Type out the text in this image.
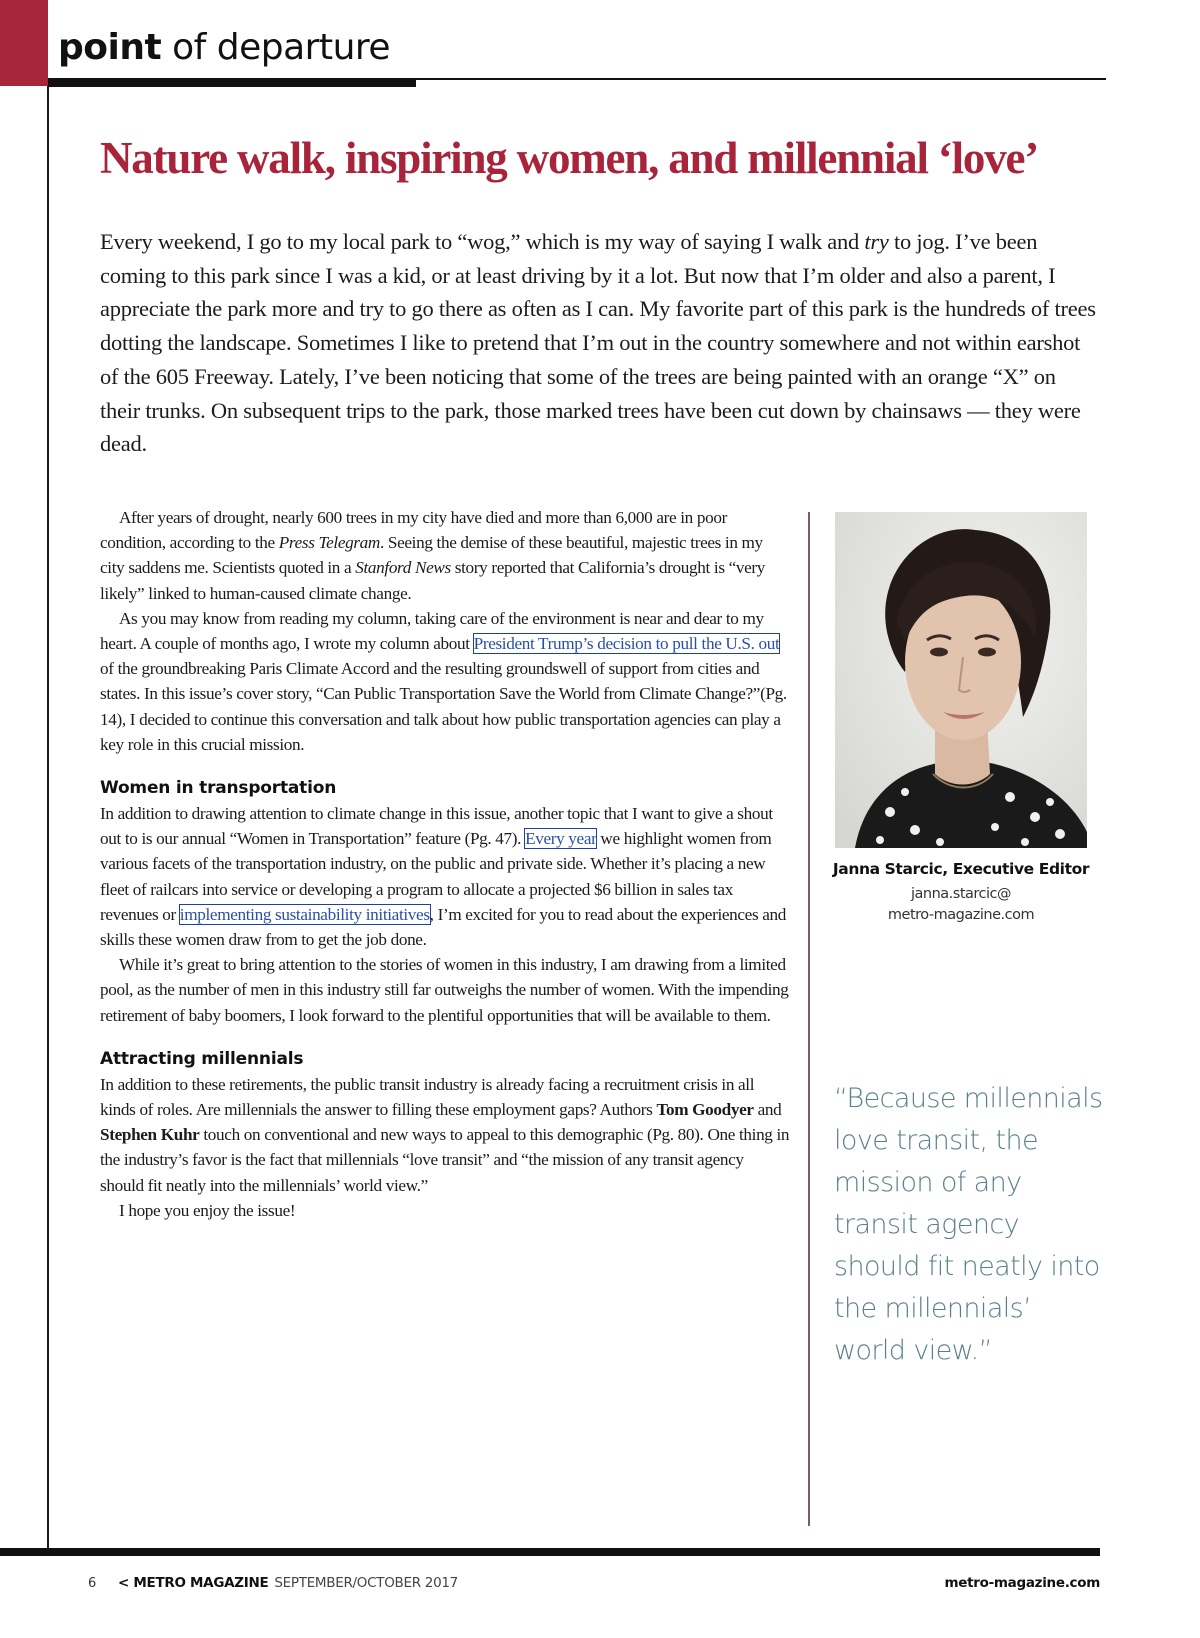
point of departure
Nature walk, inspiring women, and millennial ‘love’

Every weekend, I go to my local park to “wog,” which is my way of saying I walk and try to jog. I’ve been coming to this park since I was a kid, or at least driving by it a lot. But now that I’m older and also a parent, I appreciate the park more and try to go there as often as I can. My favorite part of this park is the hundreds of trees dotting the landscape. Sometimes I like to pretend that I’m out in the country somewhere and not within earshot of the 605 Freeway. Lately, I’ve been noticing that some of the trees are being painted with an orange “X” on their trunks. On subsequent trips to the park, those marked trees have been cut down by chainsaws — they were dead.

After years of drought, nearly 600 trees in my city have died and more than 6,000 are in poor condition, according to the Press Telegram. Seeing the demise of these beautiful, majestic trees in my city saddens me. Scientists quoted in a Stanford News story reported that California’s drought is “very likely” linked to human-caused climate change.

As you may know from reading my column, taking care of the environment is near and dear to my heart. A couple of months ago, I wrote my column about President Trump’s decision to pull the U.S. out of the groundbreaking Paris Climate Accord and the resulting groundswell of support from cities and states. In this issue’s cover story, “Can Public Transportation Save the World from Climate Change?”(Pg. 14), I decided to continue this conversation and talk about how public transportation agencies can play a key role in this crucial mission.

Women in transportation

In addition to drawing attention to climate change in this issue, another topic that I want to give a shout out to is our annual “Women in Transportation” feature (Pg. 47). Every year we highlight women from various facets of the transportation industry, on the public and private side. Whether it’s placing a new fleet of railcars into service or developing a program to allocate a projected $6 billion in sales tax revenues or implementing sustainability initiatives, I’m excited for you to read about the experiences and skills these women draw from to get the job done.

While it’s great to bring attention to the stories of women in this industry, I am drawing from a limited pool, as the number of men in this industry still far outweighs the number of women. With the impending retirement of baby boomers, I look forward to the plentiful opportunities that will be available to them.

Attracting millennials

In addition to these retirements, the public transit industry is already facing a recruitment crisis in all kinds of roles. Are millennials the answer to filling these employment gaps? Authors Tom Goodyer and Stephen Kuhr touch on conventional and new ways to appeal to this demographic (Pg. 80). One thing in the industry’s favor is the fact that millennials “love transit” and “the mission of any transit agency should fit neatly into the millennials’ world view.”

I hope you enjoy the issue!

Janna Starcic, Executive Editor
janna.starcic@
metro-magazine.com

“Because millennials love transit, the mission of any transit agency should fit neatly into the millennials’ world view.”

6 < METRO MAGAZINE SEPTEMBER/OCTOBER 2017	metro-magazine.com
